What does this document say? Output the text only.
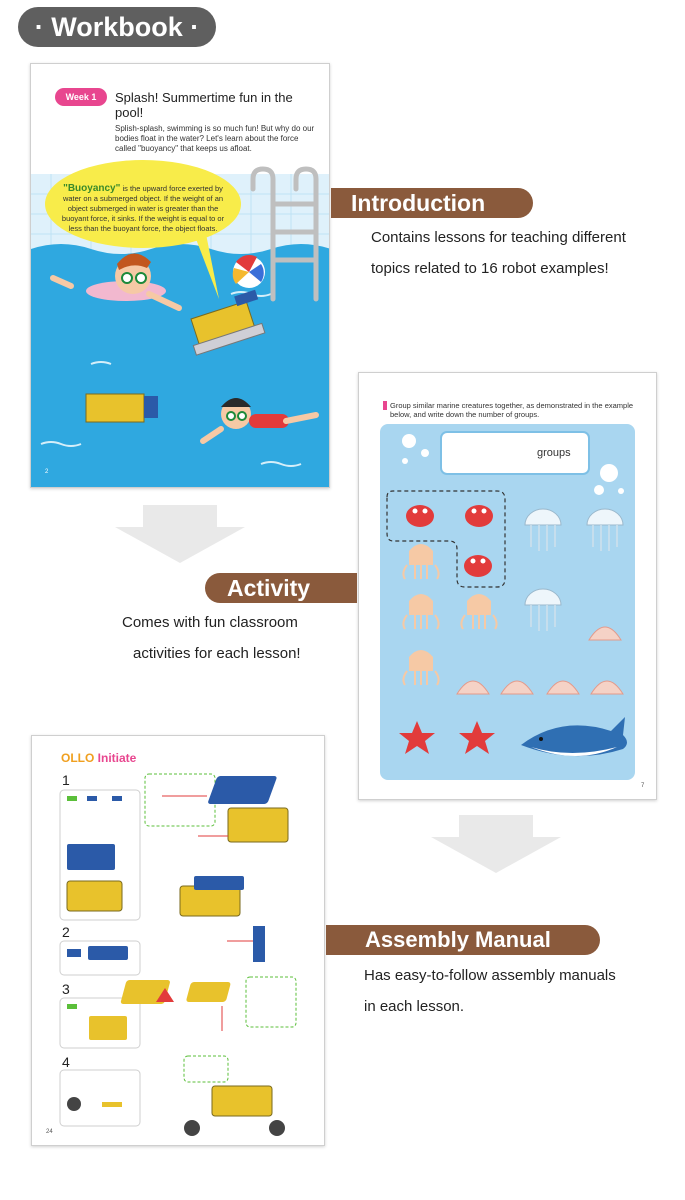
· Workbook ·
Week 1	Splash! Summertime fun in the pool!
Splish-splash, swimming is so much fun! But why do our bodies float in the water? Let's learn about the force called "buoyancy" that keeps us afloat.
"Buoyancy" is the upward force exerted by water on a submerged object. If the weight of an object submerged in water is greater than the buoyant force, it sinks. If the weight is equal to or less than the buoyant force, the object floats.
2
Introduction
Contains lessons for teaching different
topics related to 16 robot examples!
Group similar marine creatures together, as demonstrated in the example below, and write down the number of groups.
groups
7
Activity
Comes with fun classroom
activities for each lesson!
OLLO Initiate
1
2
3
4
24
Assembly Manual
Has easy-to-follow assembly manuals
in each lesson.
